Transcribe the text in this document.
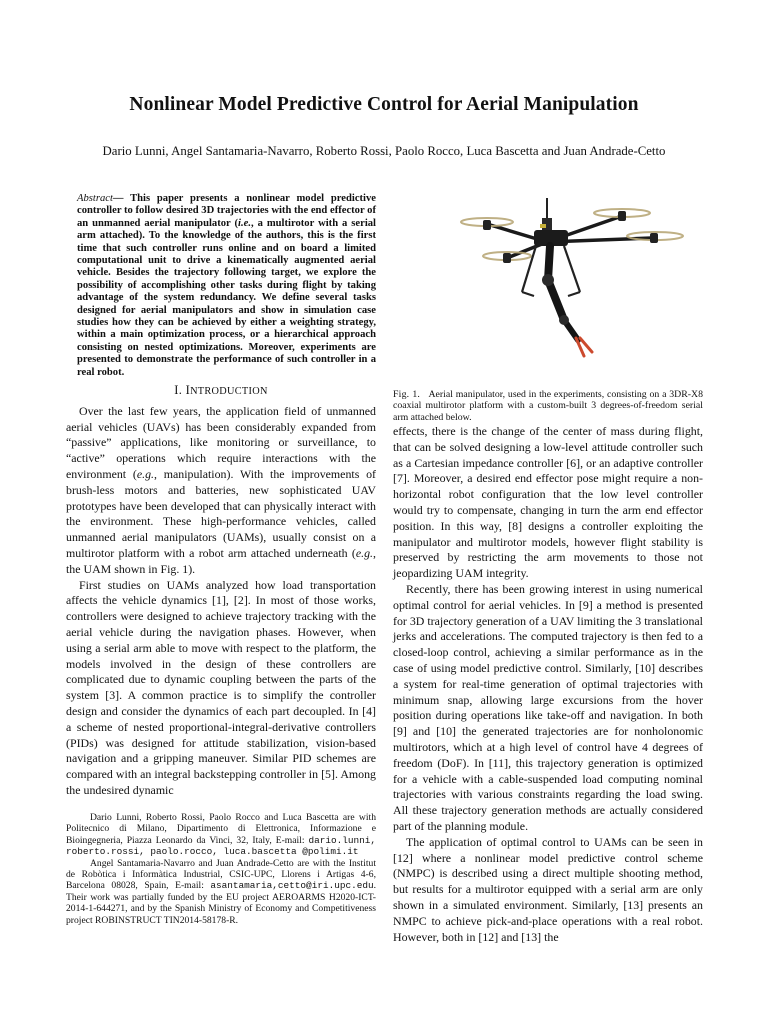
Nonlinear Model Predictive Control for Aerial Manipulation

Dario Lunni, Angel Santamaria-Navarro, Roberto Rossi, Paolo Rocco, Luca Bascetta and Juan Andrade-Cetto

Abstract— This paper presents a nonlinear model predictive controller to follow desired 3D trajectories with the end effector of an unmanned aerial manipulator (i.e., a multirotor with a serial arm attached). To the knowledge of the authors, this is the first time that such controller runs online and on board a limited computational unit to drive a kinematically augmented aerial vehicle. Besides the trajectory following target, we explore the possibility of accomplishing other tasks during flight by taking advantage of the system redundancy. We define several tasks designed for aerial manipulators and show in simulation case studies how they can be achieved by either a weighting strategy, within a main optimization process, or a hierarchical approach consisting on nested optimizations. Moreover, experiments are presented to demonstrate the performance of such controller in a real robot.

I. INTRODUCTION

Over the last few years, the application field of unmanned aerial vehicles (UAVs) has been considerably expanded from “passive” applications, like monitoring or surveillance, to “active” operations which require interactions with the environment (e.g., manipulation). With the improvements of brush-less motors and batteries, new sophisticated UAV prototypes have been developed that can physically interact with the environment. These high-performance vehicles, called unmanned aerial manipulators (UAMs), usually consist on a multirotor platform with a robot arm attached underneath (e.g., the UAM shown in Fig. 1).

First studies on UAMs analyzed how load transportation affects the vehicle dynamics [1], [2]. In most of those works, controllers were designed to achieve trajectory tracking with the aerial vehicle during the navigation phases. However, when using a serial arm able to move with respect to the platform, the models involved in the design of these controllers are complicated due to dynamic coupling between the parts of the system [3]. A common practice is to simplify the controller design and consider the dynamics of each part decoupled. In [4] a scheme of nested proportional-integral-derivative controllers (PIDs) was designed for attitude stabilization, vision-based navigation and a gripping maneuver. Similar PID schemes are compared with an integral backstepping controller in [5]. Among the undesired dynamic

Dario Lunni, Roberto Rossi, Paolo Rocco and Luca Bascetta are with Politecnico di Milano, Dipartimento di Elettronica, Informazione e Bioingegneria, Piazza Leonardo da Vinci, 32, Italy, E-mail: dario.lunni, roberto.rossi, paolo.rocco, luca.bascetta @polimi.it

Angel Santamaria-Navarro and Juan Andrade-Cetto are with the Institut de Robòtica i Informàtica Industrial, CSIC-UPC, Llorens i Artigas 4-6, Barcelona 08028, Spain, E-mail: asantamaria,cetto@iri.upc.edu. Their work was partially funded by the EU project AEROARMS H2020-ICT-2014-1-644271, and by the Spanish Ministry of Economy and Competitiveness project ROBINSTRUCT TIN2014-58178-R.

Fig. 1. Aerial manipulator, used in the experiments, consisting on a 3DR-X8 coaxial multirotor platform with a custom-built 3 degrees-of-freedom serial arm attached below.

effects, there is the change of the center of mass during flight, that can be solved designing a low-level attitude controller such as a Cartesian impedance controller [6], or an adaptive controller [7]. Moreover, a desired end effector pose might require a non-horizontal robot configuration that the low level controller would try to compensate, changing in turn the arm end effector position. In this way, [8] designs a controller exploiting the manipulator and multirotor models, however flight stability is preserved by restricting the arm movements to those not jeopardizing UAM integrity.

Recently, there has been growing interest in using numerical optimal control for aerial vehicles. In [9] a method is presented for 3D trajectory generation of a UAV limiting the 3 translational jerks and accelerations. The computed trajectory is then fed to a closed-loop control, achieving a similar performance as in the case of using model predictive control. Similarly, [10] describes a system for real-time generation of optimal trajectories with minimum snap, allowing large excursions from the hover position during operations like take-off and navigation. In both [9] and [10] the generated trajectories are for nonholonomic multirotors, which at a high level of control have 4 degrees of freedom (DoF). In [11], this trajectory generation is optimized for a vehicle with a cable-suspended load computing nominal trajectories with various constraints regarding the load swing. All these trajectory generation methods are actually considered part of the planning module.

The application of optimal control to UAMs can be seen in [12] where a nonlinear model predictive control scheme (NMPC) is described using a direct multiple shooting method, but results for a multirotor equipped with a serial arm are only shown in a simulated environment. Similarly, [13] presents an NMPC to achieve pick-and-place operations with a real robot. However, both in [12] and [13] the
